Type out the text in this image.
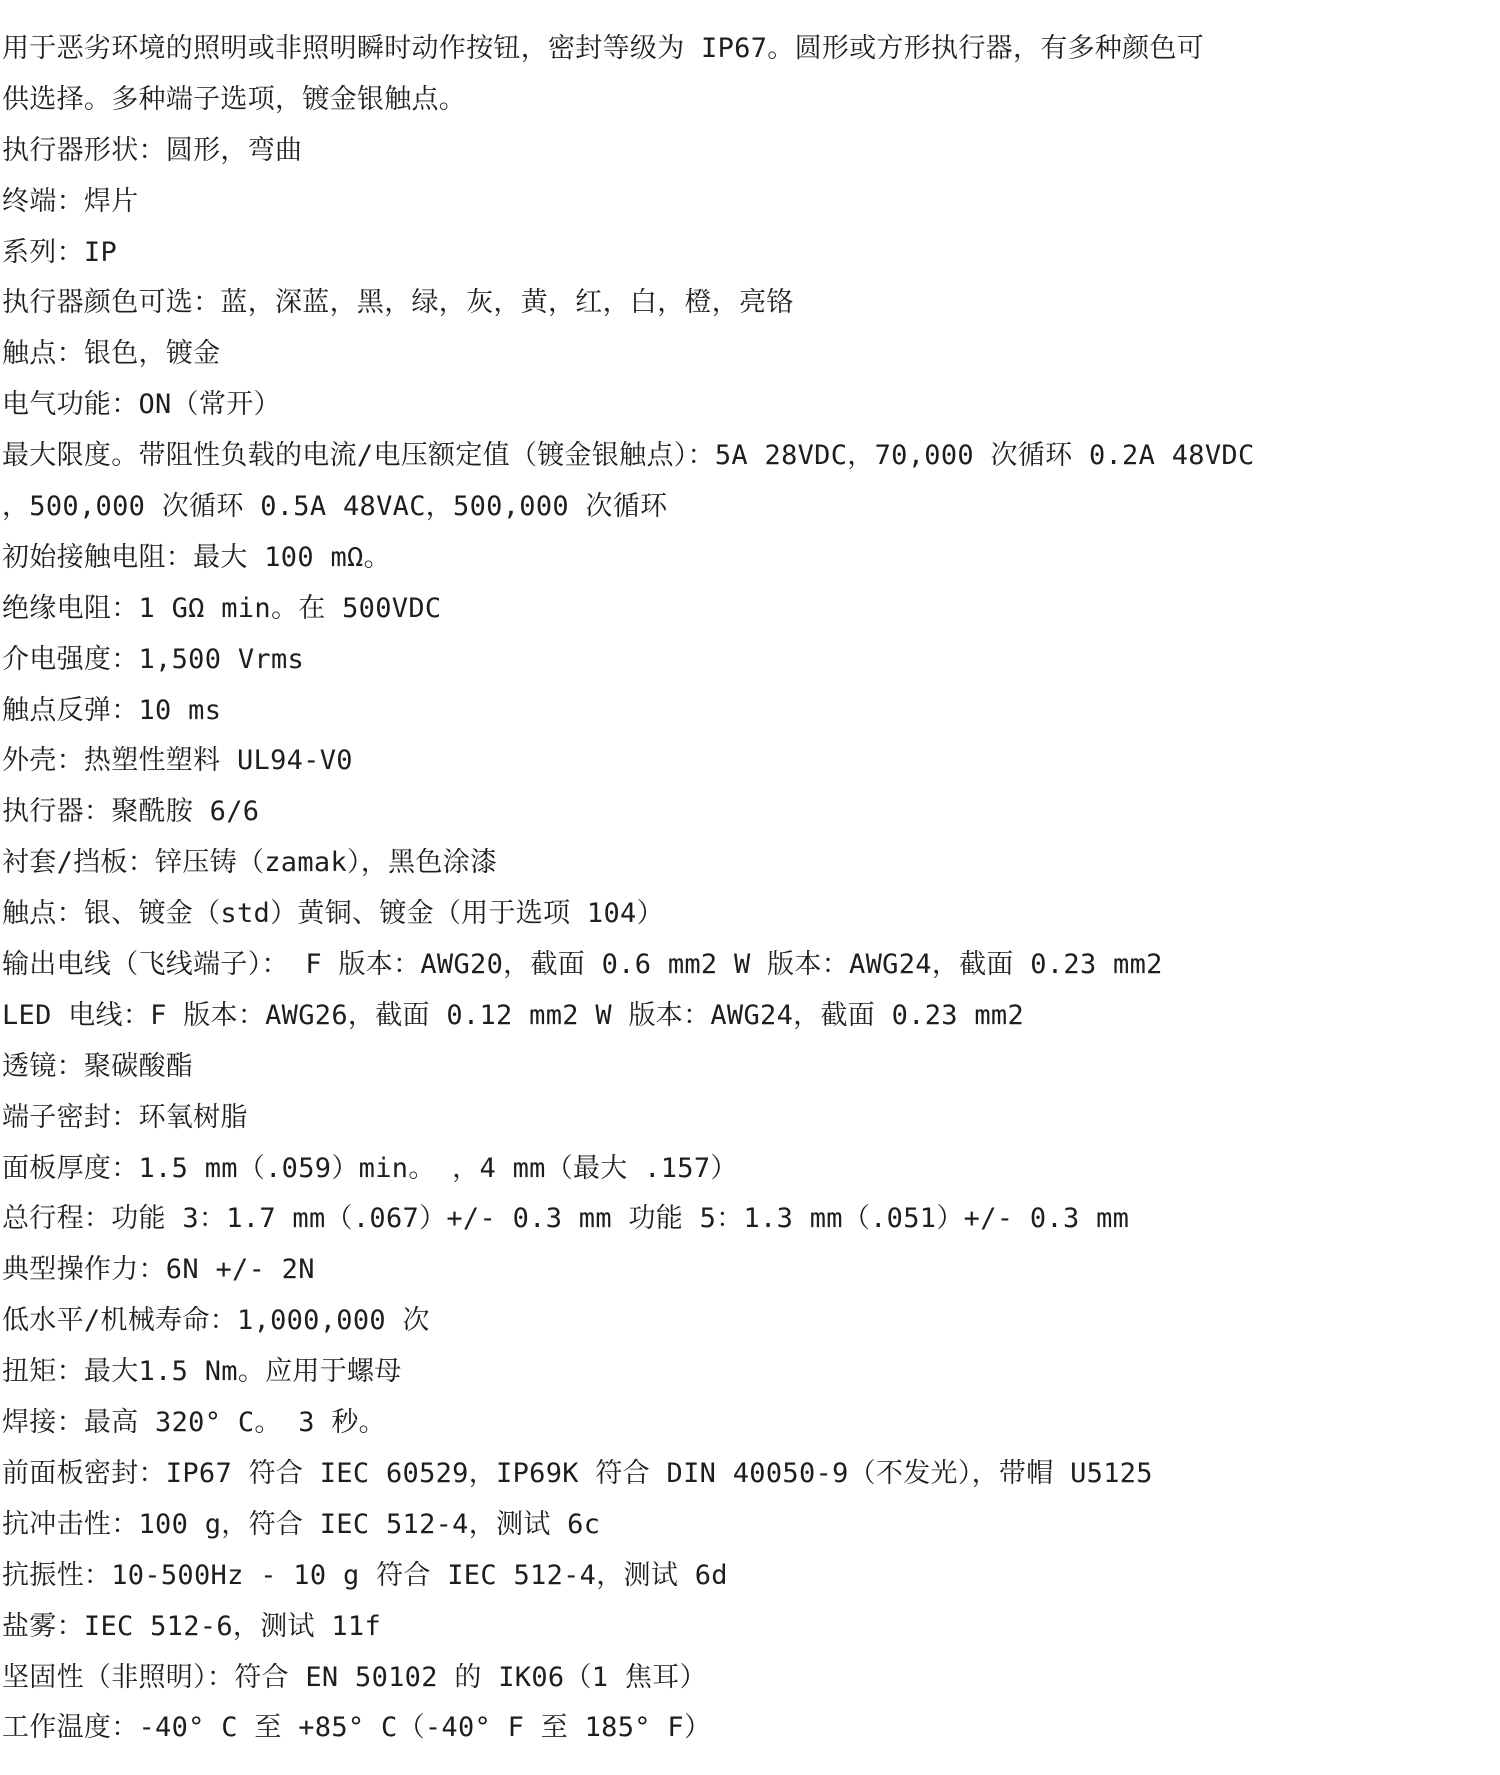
用于恶劣环境的照明或非照明瞬时动作按钮，密封等级为 IP67。圆形或方形执行器，有多种颜色可
供选择。多种端子选项，镀金银触点。
执行器形状：圆形，弯曲
终端：焊片
系列：IP
执行器颜色可选：蓝，深蓝，黑，绿，灰，黄，红，白，橙，亮铬
触点：银色，镀金
电气功能：ON（常开）
最大限度。带阻性负载的电流/电压额定值（镀金银触点）：5A 28VDC，70,000 次循环 0.2A 48VDC
，500,000 次循环 0.5A 48VAC，500,000 次循环
初始接触电阻：最大 100 mΩ。
绝缘电阻：1 GΩ min。在 500VDC
介电强度：1,500 Vrms
触点反弹：10 ms
外壳：热塑性塑料 UL94-V0
执行器：聚酰胺 6/6
衬套/挡板：锌压铸（zamak），黑色涂漆
触点：银、镀金（std）黄铜、镀金（用于选项 104）
输出电线（飞线端子）： F 版本：AWG20，截面 0.6 mm2 W 版本：AWG24，截面 0.23 mm2
LED 电线：F 版本：AWG26，截面 0.12 mm2 W 版本：AWG24，截面 0.23 mm2
透镜：聚碳酸酯
端子密封：环氧树脂
面板厚度：1.5 mm（.059）min。 ，4 mm（最大 .157）
总行程：功能 3：1.7 mm（.067）+/- 0.3 mm 功能 5：1.3 mm（.051）+/- 0.3 mm
典型操作力：6N +/- 2N
低水平/机械寿命：1,000,000 次
扭矩：最大1.5 Nm。应用于螺母
焊接：最高 320° C。 3 秒。
前面板密封：IP67 符合 IEC 60529，IP69K 符合 DIN 40050-9（不发光），带帽 U5125
抗冲击性：100 g，符合 IEC 512-4，测试 6c
抗振性：10-500Hz - 10 g 符合 IEC 512-4，测试 6d
盐雾：IEC 512-6，测试 11f
坚固性（非照明）：符合 EN 50102 的 IK06（1 焦耳）
工作温度：-40° C 至 +85° C（-40° F 至 185° F）
